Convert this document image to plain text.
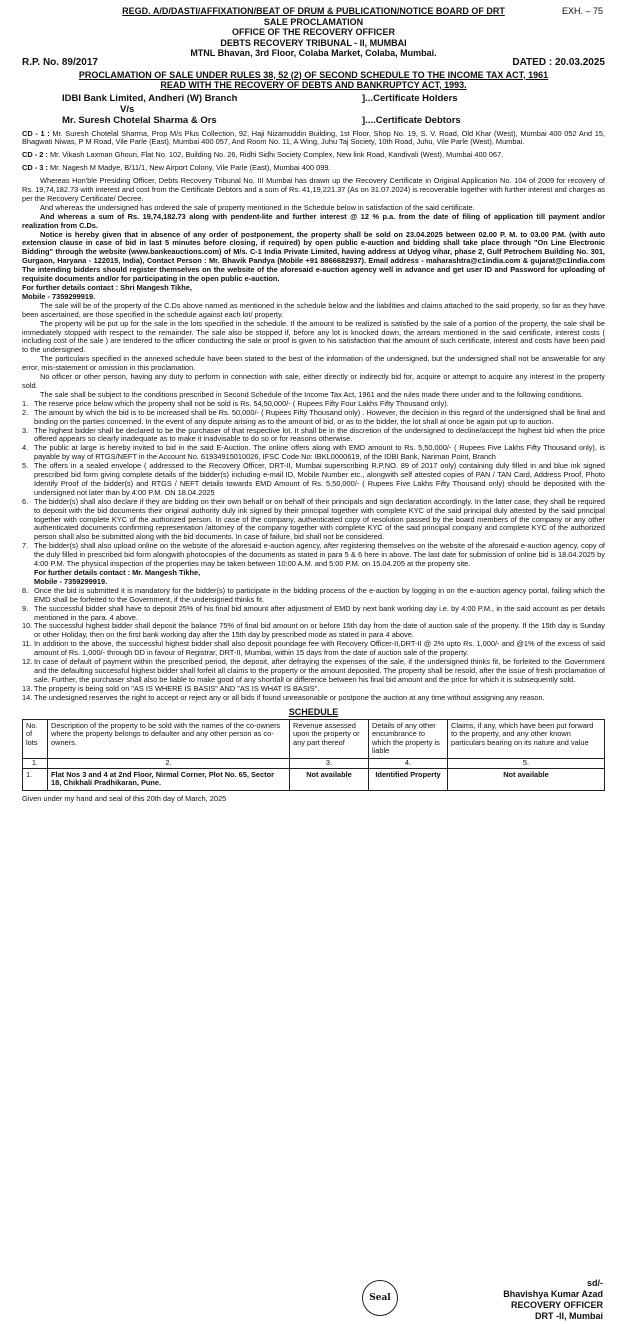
EXH. – 75
REGD. A/D/DASTI/AFFIXATION/BEAT OF DRUM & PUBLICATION/NOTICE BOARD OF DRT
SALE PROCLAMATION
OFFICE OF THE RECOVERY OFFICER
DEBTS RECOVERY TRIBUNAL - II, MUMBAI
MTNL Bhavan, 3rd Floor, Colaba Market, Colaba, Mumbai.
R.P. No. 89/2017	DATED : 20.03.2025
PROCLAMATION OF SALE UNDER RULES 38, 52 (2) OF SECOND SCHEDULE TO THE INCOME TAX ACT, 1961
READ WITH THE RECOVERY OF DEBTS AND BANKRUPTCY ACT, 1993.
IDBI Bank Limited, Andheri (W) Branch	]...Certificate Holders
V/s
Mr. Suresh Chotelal Sharma & Ors	]....Certificate Debtors
CD - 1 : Mr. Suresh Chotelal Sharma, Prop M/s Plus Collection, 92, Haji Nizamuddin Building, 1st Floor, Shop No. 19, S. V. Road, Old Khar (West), Mumbai 400 052 And 15, Bhagwati Niwas, P M Road, Vile Parle (East), Mumbai 400 057, And Room No. 11, A Wing, Juhu Taj Society, 10th Road, Juhu, Vile Parle (West), Mumbai.
CD - 2 : Mr. Vikash Laxman Ghouri, Flat No. 102, Building No. 26, Ridhi Sidhi Society Complex, New link Road, Kandivali (West), Mumbai 400 067.
CD - 3 : Mr. Nagesh M Madye, B/11/1, New Airport Colony, Vile Parle (East), Mumbai 400 099.

Whereas Hon'ble Presiding Officer, Debts Recovery Tribunal No. III Mumbai has drawn up the Recovery Certificate in Original Application No. 104 of 2009 for recovery of Rs. 19,74,182.73 with interest and cost from the Certificate Debtors and a sum of Rs. 41,19,221.37 (As on 31.07.2024) is recoverable together with further interest and charges as per the Recovery Certificate/ Decree.

And whereas the undersigned has ordered the sale of property mentioned in the Schedule below in satisfaction of the said certificate.

And whereas a sum of Rs. 19,74,182.73 along with pendent-lite and further interest @ 12 % p.a. from the date of filing of application till payment and/or realization from C.Ds.

Notice is hereby given that in absence of any order of postponement, the property shall be sold on 23.04.2025 between 02.00 P. M. to 03.00 P.M. (with auto extension clause in case of bid in last 5 minutes before closing, if required) by open public e-auction and bidding shall take place through "On Line Electronic Bidding" through the website (www.bankeauctions.com) of M/s. C-1 India Private Limited, having address at Udyog vihar, phase 2, Gulf Petrochem Building No. 301, Gurgaon, Haryana - 122015, India), Contact Person : Mr. Bhavik Pandya (Mobile +91 8866682937). Email address - maharashtra@c1india.com & gujarat@c1india.com The intending bidders should register themselves on the website of the aforesaid e-auction agency well in advance and get user ID and Password for uploading of requisite documents and/or for participating in the open public e-auction.

For further details contact : Shri Mangesh Tikhe,

Mobile - 7359299919.

The sale will be of the property of the C.Ds above named as mentioned in the schedule below and the liabilities and claims attached to the said property, so far as they have been ascertained, are those specified in the schedule against each lot/ property.

The property will be put up for the sale in the lots specified in the schedule. If the amount to be realized is satisfied by the sale of a portion of the property, the sale shall be immediately stopped with respect to the remainder. The sale also be stopped if, before any lot is knocked down, the arrears mentioned in the said certificate, interest costs ( including cost of the sale ) are tendered to the officer conducting the sale or proof is given to his satisfaction that the amount of such certificate, interest and costs have been paid to the undersigned.

The particulars specified in the annexed schedule have been stated to the best of the information of the undersigned, but the undersigned shall not be answerable for any error, mis-statement or omission in this proclamation.

No officer or other person, having any duty to perform in connection with sale, either directly or indirectly bid for, acquire or attempt to acquire any interest in the property sold.

The sale shall be subject to the conditions prescribed in Second Schedule of the Income Tax Act, 1961 and the rules made there under and to the following conditions.

1. The reserve price below which the property shall not be sold is Rs. 54,50,000/- ( Rupees Fifty Four Lakhs Fifty Thousand only).
2. The amount by which the bid is to be increased shall be Rs. 50,000/- ( Rupees Fifty Thousand only) . However, the decision in this regard of the undersigned shall be final and binding on the parties concerned. In the event of any dispute arising as to the amount of bid, or as to the bidder, the lot shall at once be again put up to auction.
3. The highest bidder shall be declared to be the purchaser of that respective lot. It shall be in the discretion of the undersigned to decline/accept the highest bid when the price offered appears so clearly inadequate as to make it inadvisable to do so or for reasons otherwise.
4. The public at large is hereby invited to bid in the said E-Auction. The online offers along with EMD amount to Rs. 5,50,000/- ( Rupees Five Lakhs Fifty Thousand only), is payable by way of RTGS/NEFT in the Account No. 61934915010026, IFSC Code No: IBKL0000619, of the IDBI Bank, Nariman Point, Branch
5. The offers in a sealed envelope ( addressed to the Recovery Officer, DRT-II, Mumbai superscribing R.P.NO. 89 of 2017 only) containing duly filled in and blue ink signed prescribed bid form giving complete details of the bidder(s) including e-mail ID, Mobile Number etc., alongwith self attested copies of PAN / TAN Card, Address Proof, Photo Identify Proof of the bidder(s) and RTGS / NEFT details towards EMD Amount of Rs. 5,50,000/- ( Rupees Five Lakhs Fifty Thousand only) should be deposited with the undersigned not later than by 4:00 P.M. ON 18.04.2025
6. The bidder(s) shall also declare if they are bidding on their own behalf or on behalf of their principals and sign declaration accordingly. In the latter case, they shall be required to deposit with the bid documents their original authority duly ink signed by their principal together with complete KYC of the said principal duly attested by the said principal together with complete KYC of the authorized person. In case of the company, authenticated copy of resolution passed by the board members of the company or any other authenticated documents confirming representation /attorney of the company together with complete KYC of the said principal company and complete KYC of the authorized person shall also be submitted along with the bid documents. In case of failure, bid shall not be considered.
7. The bidder(s) shall also upload online on the website of the aforesaid e-auction agency, after registering themselves on the website of the aforesaid e-auction agency, copy of the duly filled in prescribed bid form alongwith photocopies of the documents as stated in para 5 & 6 here in above. The last date for submission of online bid is 18.04.2025 by 4:00 P.M. The physical inspection of the properties may be taken between 10:00 A.M. and 5:00 P.M. on 15.04.205 at the property site.
For further details contact : Mr. Mangesh Tikhe,
Mobile - 7359299919.
8. Once the bid is submitted it is mandatory for the bidder(s) to participate in the bidding process of the e-auction by logging in on the e-auction agency portal, failing which the EMD shall be forfeited to the Government, if the undersigned thinks fit.
9. The successful bidder shall have to deposit 25% of his final bid amount after adjustment of EMD by next bank working day i.e. by 4:00 P.M., in the said account as per details mentioned in the para. 4 above.
10. The successful highest bidder shall deposit the balance 75% of final bid amount on or before 15th day from the date of auction sale of the property. If the 15th day is Sunday or other Holiday, then on the first bank working day after the 15th day by prescribed mode as stated in para 4 above.
11. In addition to the above, the successful highest bidder shall also deposit poundage fee with Recovery Officer-II,DRT-II @ 2% upto Rs. 1,000/- and @1% of the excess of said amount of Rs. 1,000/- through DD in favour of Registrar, DRT-II, Mumbai, within 15 days from the date of auction sale of the property.
12. In case of default of payment within the prescribed period, the deposit, after defraying the expenses of the sale, if the undersigned thinks fit, be forfeited to the Government and the defaulting successful highest bidder shall forfeit all claims to the property or the amount deposited. The property shall be resold, after the issue of fresh proclamation of sale. Further, the purchaser shall also be liable to make good of any shortfall or difference between his final bid amount and the price for which it is subsequently sold.
13. The property is being sold on "AS IS WHERE IS BASIS" AND "AS IS WHAT IS BASIS".
14. The undesigned reserves the right to accept or reject any or all bids if found unreasonable or postpone the auction at any time without assigning any reason.
SCHEDULE
No. of lots	Description of the property to be sold with the names of the co-owners where the property belongs to defaulter and any other person as co-owners.	Revenue assessed upon the property or any part thereof	Details of any other encumbrance to which the property is liable	Claims, if any, which have been put forward to the property, and any other known particulars bearing on its nature and value
1.	2.	3.	4.	5.
1.	Flat Nos 3 and 4 at 2nd Floor, Nirmal Corner, Plot No. 65, Sector 18, Chikhali Pradhikaran, Pune.	Not available	Identified Property	Not available
Given under my hand and seal of this 20th day of March, 2025
Seal
sd/-
Bhavishya Kumar Azad
RECOVERY OFFICER
DRT -II, Mumbai
